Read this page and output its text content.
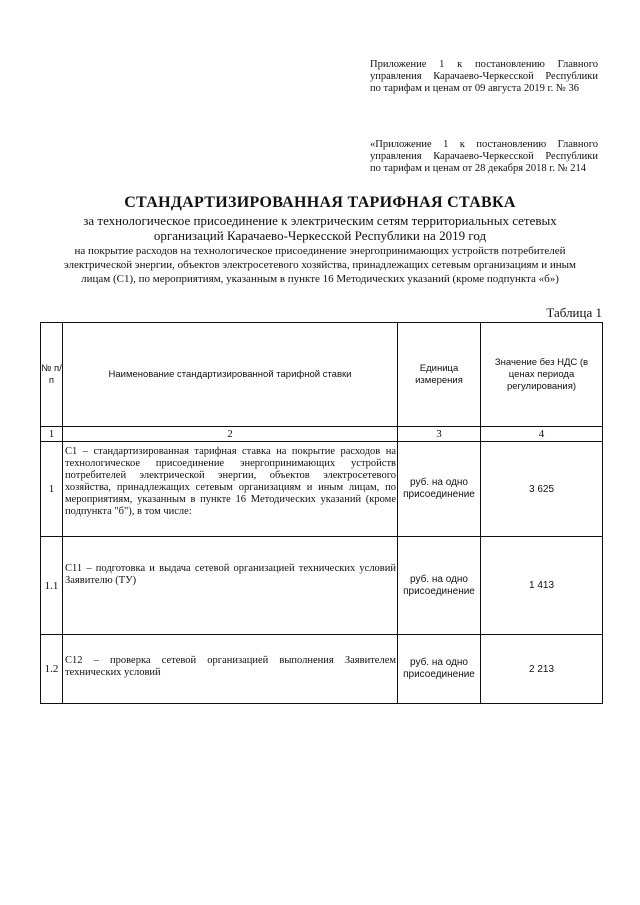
Приложение 1 к постановлению Главного
управления Карачаево-Черкесской Республики
по тарифам и ценам от 09 августа 2019 г. № 36
«Приложение 1 к постановлению Главного
управления Карачаево-Черкесской Республики
по тарифам и ценам от 28 декабря 2018 г. № 214
СТАНДАРТИЗИРОВАННАЯ ТАРИФНАЯ СТАВКА
за технологическое присоединение к электрическим сетям территориальных сетевых
организаций Карачаево-Черкесской Республики на 2019 год
на покрытие расходов на технологическое присоединение энергопринимающих устройств потребителей
электрической энергии, объектов электросетевого хозяйства, принадлежащих сетевым организациям и иным
лицам (C1), по мероприятиям, указанным в пункте 16 Методических указаний (кроме подпункта «б»)
Таблица 1
№ п/п	Наименование стандартизированной тарифной ставки	Единица измерения	Значение без НДС (в ценах периода регулирования)
1	2	3	4
1	C1 – стандартизированная тарифная ставка на покрытие расходов на технологическое присоединение энергопринимающих устройств потребителей электрической энергии, объектов электросетевого хозяйства, принадлежащих сетевым организациям и иным лицам, по мероприятиям, указанным в пункте 16 Методических указаний (кроме подпункта "б"), в том числе:	руб. на одно присоединение	3 625
1.1	C11 – подготовка и выдача сетевой организацией технических условий Заявителю (ТУ)	руб. на одно присоединение	1 413
1.2	C12 – проверка сетевой организацией выполнения Заявителем технических условий	руб. на одно присоединение	2 213
